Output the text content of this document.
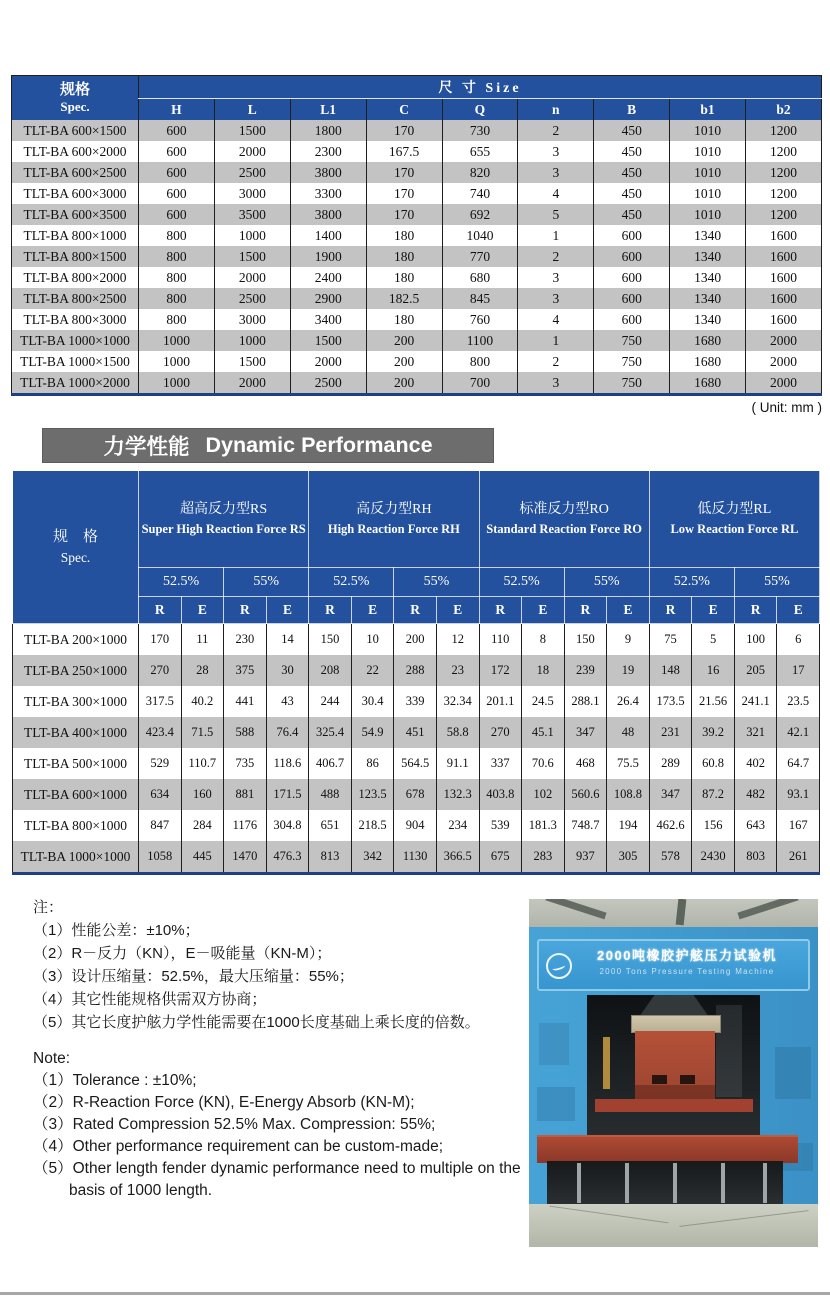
规格
Spec.	尺 寸 Size								
	H	L	L1	C	Q	n	B	b1	b2
TLT-BA 600×1500	600	1500	1800	170	730	2	450	1010	1200
TLT-BA 600×2000	600	2000	2300	167.5	655	3	450	1010	1200
TLT-BA 600×2500	600	2500	3800	170	820	3	450	1010	1200
TLT-BA 600×3000	600	3000	3300	170	740	4	450	1010	1200
TLT-BA 600×3500	600	3500	3800	170	692	5	450	1010	1200
TLT-BA 800×1000	800	1000	1400	180	1040	1	600	1340	1600
TLT-BA 800×1500	800	1500	1900	180	770	2	600	1340	1600
TLT-BA 800×2000	800	2000	2400	180	680	3	600	1340	1600
TLT-BA 800×2500	800	2500	2900	182.5	845	3	600	1340	1600
TLT-BA 800×3000	800	3000	3400	180	760	4	600	1340	1600
TLT-BA 1000×1000	1000	1000	1500	200	1100	1	750	1680	2000
TLT-BA 1000×1500	1000	1500	2000	200	800	2	750	1680	2000
TLT-BA 1000×2000	1000	2000	2500	200	700	3	750	1680	2000
( Unit: mm )
力学性能 Dynamic Performance
规　格
Spec.

超高反力型RS
Super High Reaction Force RS

高反力型RH
High Reaction Force RH

标准反力型RO
Standard Reaction Force RO

低反力型RL
Low Reaction Force RL

	52.5%		55%		52.5%		55%		52.5%		55%		52.5%		55%	
	R	E	R	E	R	E	R	E	R	E	R	E	R	E	R	E
TLT-BA 200×1000	170	11	230	14	150	10	200	12	110	8	150	9	75	5	100	6
TLT-BA 250×1000	270	28	375	30	208	22	288	23	172	18	239	19	148	16	205	17
TLT-BA 300×1000	317.5	40.2	441	43	244	30.4	339	32.34	201.1	24.5	288.1	26.4	173.5	21.56	241.1	23.5
TLT-BA 400×1000	423.4	71.5	588	76.4	325.4	54.9	451	58.8	270	45.1	347	48	231	39.2	321	42.1
TLT-BA 500×1000	529	110.7	735	118.6	406.7	86	564.5	91.1	337	70.6	468	75.5	289	60.8	402	64.7
TLT-BA 600×1000	634	160	881	171.5	488	123.5	678	132.3	403.8	102	560.6	108.8	347	87.2	482	93.1
TLT-BA 800×1000	847	284	1176	304.8	651	218.5	904	234	539	181.3	748.7	194	462.6	156	643	167
TLT-BA 1000×1000	1058	445	1470	476.3	813	342	1130	366.5	675	283	937	305	578	2430	803	261

注：

（1）性能公差：±10%；

（2）R－反力（KN），E－吸能量（KN-M）；

（3）设计压缩量：52.5%，最大压缩量：55%；

（4）其它性能规格供需双方协商；

（5）其它长度护舷力学性能需要在1000长度基础上乘长度的倍数。

Note:

（1）Tolerance : ±10%;

（2）R-Reaction Force (KN), E-Energy Absorb (KN-M);

（3）Rated Compression 52.5% Max. Compression: 55%;

（4）Other performance requirement can be custom-made;

（5）Other length fender dynamic performance need to multiple on the basis of 1000 length.

2000吨橡胶护舷压力试验机
2000 Tons Pressure Testing Machine
